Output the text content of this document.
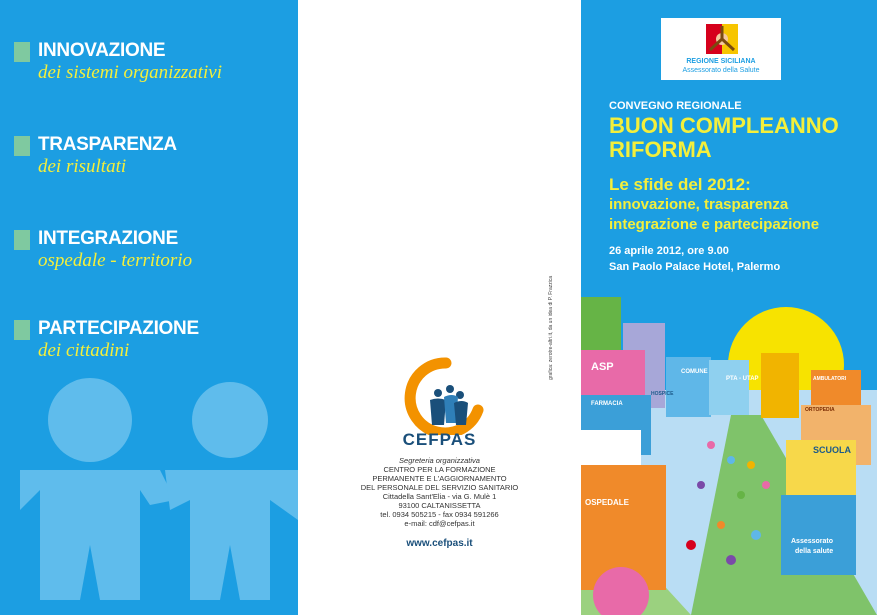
INNOVAZIONE
dei sistemi organizzativi
TRASPARENZA
dei risultati
INTEGRAZIONE
ospedale - territorio
PARTECIPAZIONE
dei cittadini
CEFPAS
Segreteria organizzativa
CENTRO PER LA FORMAZIONE
PERMANENTE E L'AGGIORNAMENTO
DEL PERSONALE DEL SERVIZIO SANITARIO
Cittadella Sant'Elia - via G. Mulè 1
93100 CALTANISSETTA
tel. 0934 505215 - fax 0934 591266
e-mail: cdf@cefpas.it
www.cefpas.it
grafica: zerotre-altri.it, da un idea di P. Frazzica
REGIONE SICILIANA
Assessorato della Salute
CONVEGNO REGIONALE
BUON COMPLEANNO
RIFORMA
Le sfide del 2012:
innovazione, trasparenza
integrazione e partecipazione
26 aprile 2012, ore 9.00
San Paolo Palace Hotel, Palermo
ASP	COMUNE
PTA - UTAP
FARMACIA
HOSPICE
AMBULATORI
ORTOPEDIA
SCUOLA
OSPEDALE
Assessorato
della salute
